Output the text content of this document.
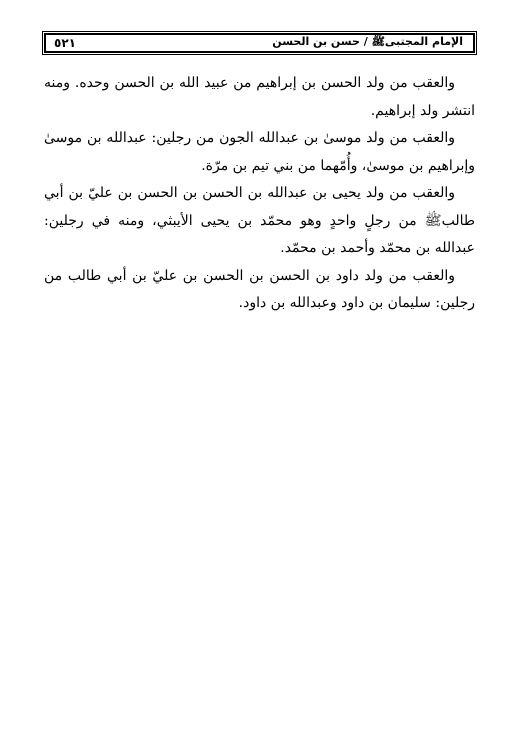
٥٢١	الإمام المجتبىﷺ / حسن بن الحسن

والعقب من ولد الحسن بن إبراهيم من عبيد الله بن الحسن وحده. ومنه انتشر ولد إبراهيم.

والعقب من ولد موسىٰ بن عبدالله الجون من رجلين: عبدالله بن موسىٰ وإبراهيم بن موسىٰ، وأُمّهما من بني تيم بن مرّة.

والعقب من ولد يحيى بن عبدالله بن الحسن بن الحسن بن عليّ بن أبي طالبﷺ من رجلٍ واحدٍ وهو محمّد بن يحيى الأيبثي، ومنه في رجلين: عبدالله بن محمّد وأحمد بن محمّد.

والعقب من ولد داود بن الحسن بن الحسن بن عليّ بن أبي طالب من رجلين: سليمان بن داود وعبدالله بن داود.
